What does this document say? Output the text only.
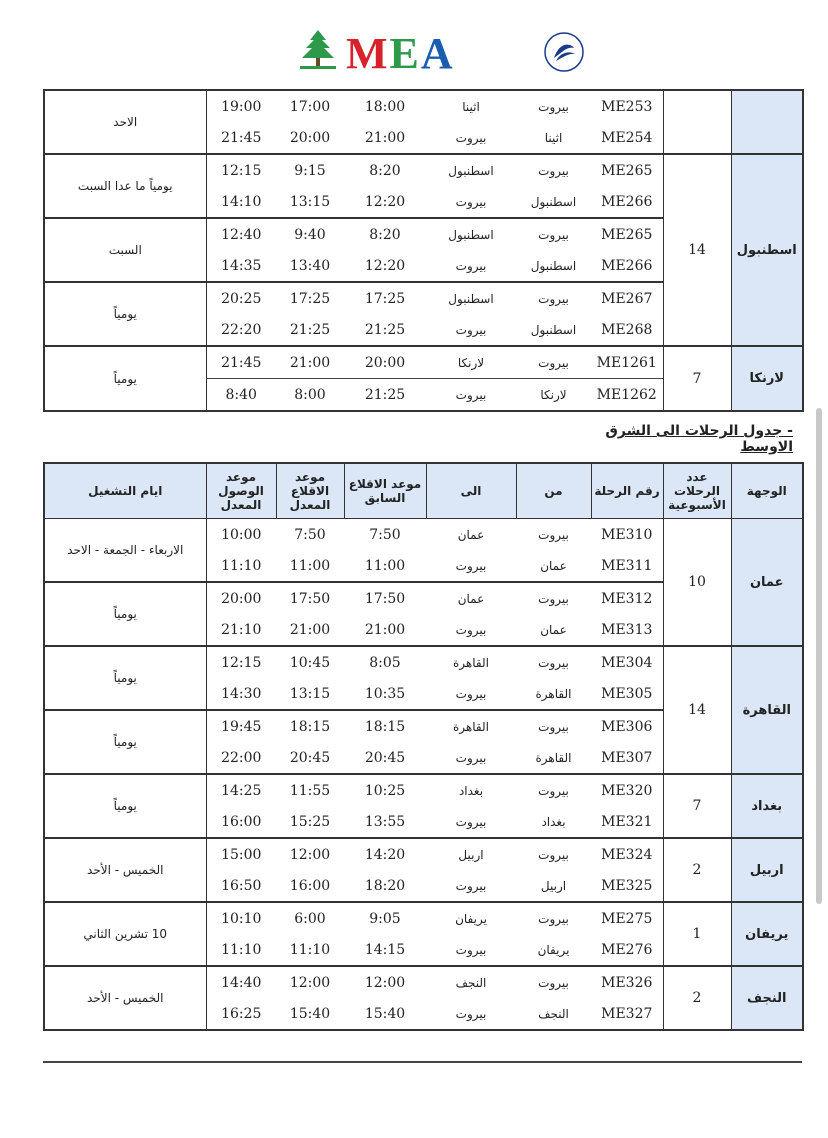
MEA
		ME253	بيروت	اثينا	18:00	17:00	19:00	الاحد
		ME254	اثينا	بيروت	21:00	20:00	21:45	
اسطنبول	14	ME265	بيروت	اسطنبول	8:20	9:15	12:15	يومياً ما عدا السبت
		ME266	اسطنبول	بيروت	12:20	13:15	14:10	
		ME265	بيروت	اسطنبول	8:20	9:40	12:40	السبت
		ME266	اسطنبول	بيروت	12:20	13:40	14:35	
		ME267	بيروت	اسطنبول	17:25	17:25	20:25	يومياً
		ME268	اسطنبول	بيروت	21:25	21:25	22:20	
لارنكا	7	ME1261	بيروت	لارنكا	20:00	21:00	21:45	يومياً
		ME1262	لارنكا	بيروت	21:25	8:00	8:40	
- جدول الرحلات الى الشرق الاوسط
الوجهة	عدد الرحلات الأسبوعية	رقم الرحلة	من	الى	موعد الاقلاع السابق	موعد الاقلاع المعدل	موعد الوصول المعدل	ايام التشغيل
عمان	10	ME310	بيروت	عمان	7:50	7:50	10:00	الاربعاء - الجمعة - الاحد
		ME311	عمان	بيروت	11:00	11:00	11:10	
		ME312	بيروت	عمان	17:50	17:50	20:00	يومياً
		ME313	عمان	بيروت	21:00	21:00	21:10	
القاهرة	14	ME304	بيروت	القاهرة	8:05	10:45	12:15	يومياً
		ME305	القاهرة	بيروت	10:35	13:15	14:30	
		ME306	بيروت	القاهرة	18:15	18:15	19:45	يومياً
		ME307	القاهرة	بيروت	20:45	20:45	22:00	
بغداد	7	ME320	بيروت	بغداد	10:25	11:55	14:25	يومياً
		ME321	بغداد	بيروت	13:55	15:25	16:00	
اربيل	2	ME324	بيروت	اربيل	14:20	12:00	15:00	الخميس - الأحد
		ME325	اربيل	بيروت	18:20	16:00	16:50	
يريفان	1	ME275	بيروت	يريفان	9:05	6:00	10:10	10 تشرين الثاني
		ME276	يريفان	بيروت	14:15	11:10	11:10	
النجف	2	ME326	بيروت	النجف	12:00	12:00	14:40	الخميس - الأحد
		ME327	النجف	بيروت	15:40	15:40	16:25	
